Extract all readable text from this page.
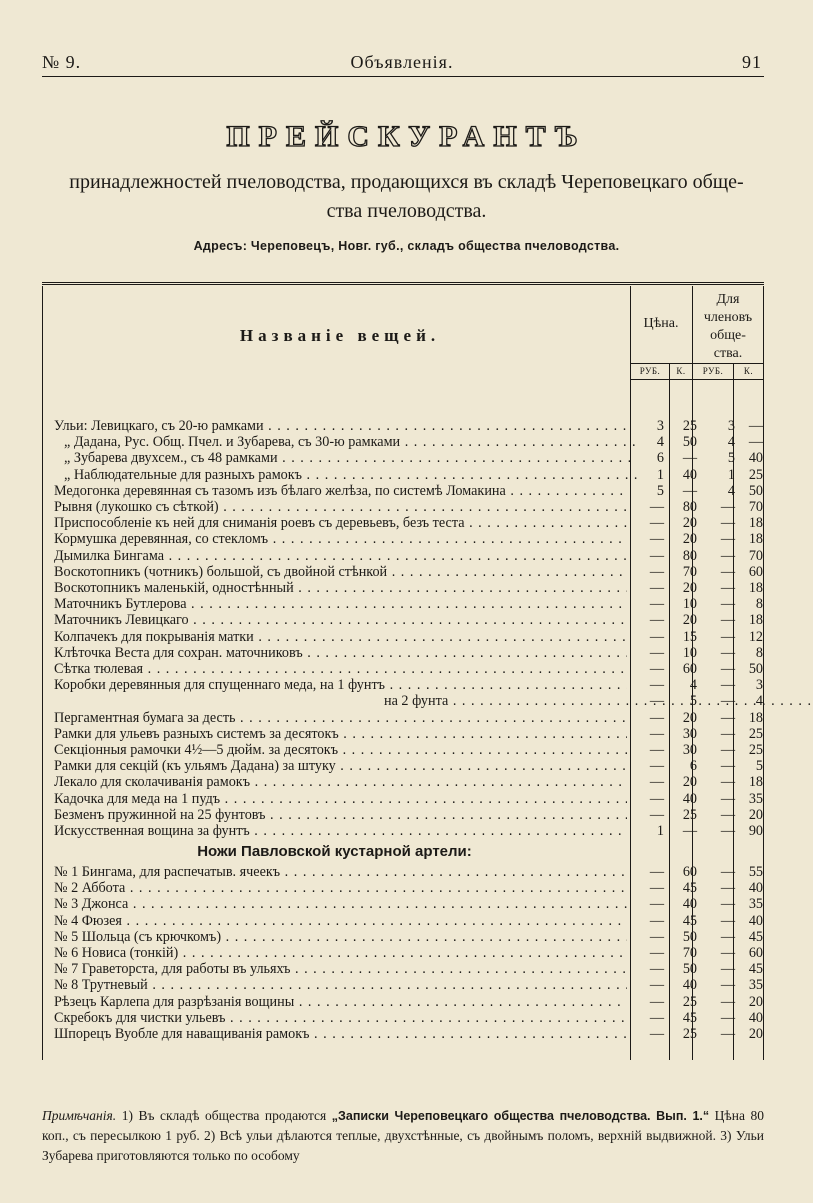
№ 9.	Объявленія.	91
ПРЕЙСКУРАНТЪ
принадлежностей пчеловодства, продающихся въ складѣ Череповецкаго обще-
ства пчеловодства.
Адресъ: Череповецъ, Новг. губ., складъ общества пчеловодства.
Названіе вещей.
Цѣна.
Для
членовъ
обще-
ства.
РУБ.	К.	РУБ.	К.
Ульи: Левицкаго, съ 20-ю рамками . . .	3	25	3 —
„ Дадана, Рус. Общ. Пчел. и Зубарева, съ 30-ю рамками . . .	4	50	4 —
„ Зубарева двухсем., съ 48 рамками . . .	6	—	5 40
„ Наблюдательные для разныхъ рамокъ . . .	1	40	1 25
Медогонка деревянная съ тазомъ изъ бѣлаго желѣза, по системѣ Ломакина . . .	5	—	4 50
Рывня (лукошко съ сѣткой) . . .	—	80	— 70
Приспособленіе къ ней для сниманія роевъ съ деревьевъ, безъ теста . . .	—	20	— 18
Кормушка деревянная, со стекломъ . . .	—	20	— 18
Дымилка Бингама . . .	—	80	— 70
Воскотопникъ (чотникъ) большой, съ двойной стѣнкой . . .	—	70	— 60
Воскотопникъ маленькій, одностѣнный . . .	—	20	— 18
Маточникъ Бутлерова . . .	—	10	—	8
Маточникъ Левицкаго . . .	—	20	— 18
Колпачекъ для покрыванія матки . . .	—	15	— 12
Клѣточка Веста для сохран. маточниковъ . . .	—	10	—	8
Сѣтка тюлевая . . .	—	60	— 50
Коробки деревянныя для спущеннаго меда, на 1 фунтъ . . .	—	4	—	3
на 2 фунта . . .	—	5	—	4
Пергаментная бумага за десть . . .	—	20	— 18
Рамки для ульевъ разныхъ системъ за десятокъ . . .	—	30	— 25
Секціонныя рамочки 4½—5 дюйм. за десятокъ . . .	—	30	— 25
Рамки для секцій (къ ульямъ Дадана) за штуку . . .	—	6	—	5
Лекало для сколачиванія рамокъ . . .	—	20	— 18
Кадочка для меда на 1 пудъ . . .	—	40	— 35
Безменъ пружинной на 25 фунтовъ . . .	—	25	— 20
Искусственная вощина за фунтъ . . .	1	—	— 90
№ 1 Бингама, для распечатыв. ячеекъ . . .	—	60	— 55
№ 2 Аббота . . .	—	45	— 40
№ 3 Джонса . . .	—	40	— 35
№ 4 Фюзея . . .	—	45	— 40
№ 5 Шольца (съ крючкомъ) . . .	—	50	— 45
№ 6 Новиса (тонкій) . . .	—	70	— 60
№ 7 Граветорста, для работы въ ульяхъ . . .	—	50	— 45
№ 8 Трутневый . . .	—	40	— 35
Рѣзецъ Карлепа для разрѣзанія вощины . . .	—	25	— 20
Скребокъ для чистки ульевъ . . .	—	45	— 40
Шпорецъ Вуобле для наващиванія рамокъ . . .	—	25	— 20
Ножи Павловской кустарной артели:
Примѣчанія. 1) Въ складѣ общества продаются „Записки Череповецкаго общества пчеловодства. Вып. 1.“ Цѣна 80 коп., съ пересылкою 1 руб. 2) Всѣ ульи дѣлаются теплые, двухстѣнные, съ двойнымъ поломъ, верхній выдвижной. 3) Ульи Зубарева приготовляются только по особому
